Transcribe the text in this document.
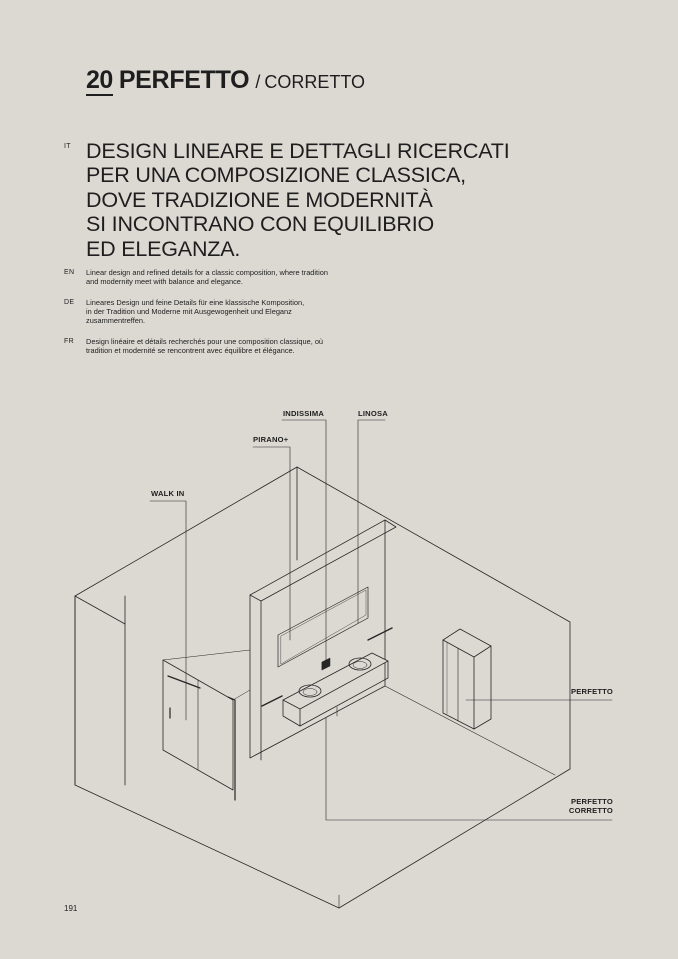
20 PERFETTO / CORRETTO
IT DESIGN LINEARE E DETTAGLI RICERCATI
PER UNA COMPOSIZIONE CLASSICA,
DOVE TRADIZIONE E MODERNITÀ
SI INCONTRANO CON EQUILIBRIO
ED ELEGANZA.
EN Linear design and refined details for a classic composition, where tradition
and modernity meet with balance and elegance.
DE Lineares Design und feine Details für eine klassische Komposition,
in der Tradition und Moderne mit Ausgewogenheit und Eleganz
zusammentreffen.
FR Design linéaire et détails recherchés pour une composition classique, où
tradition et modernité se rencontrent avec équilibre et élégance.
INDISSIMA	LINOSA
PIRANO+
WALK IN
PERFETTO
PERFETTO
CORRETTO
191
